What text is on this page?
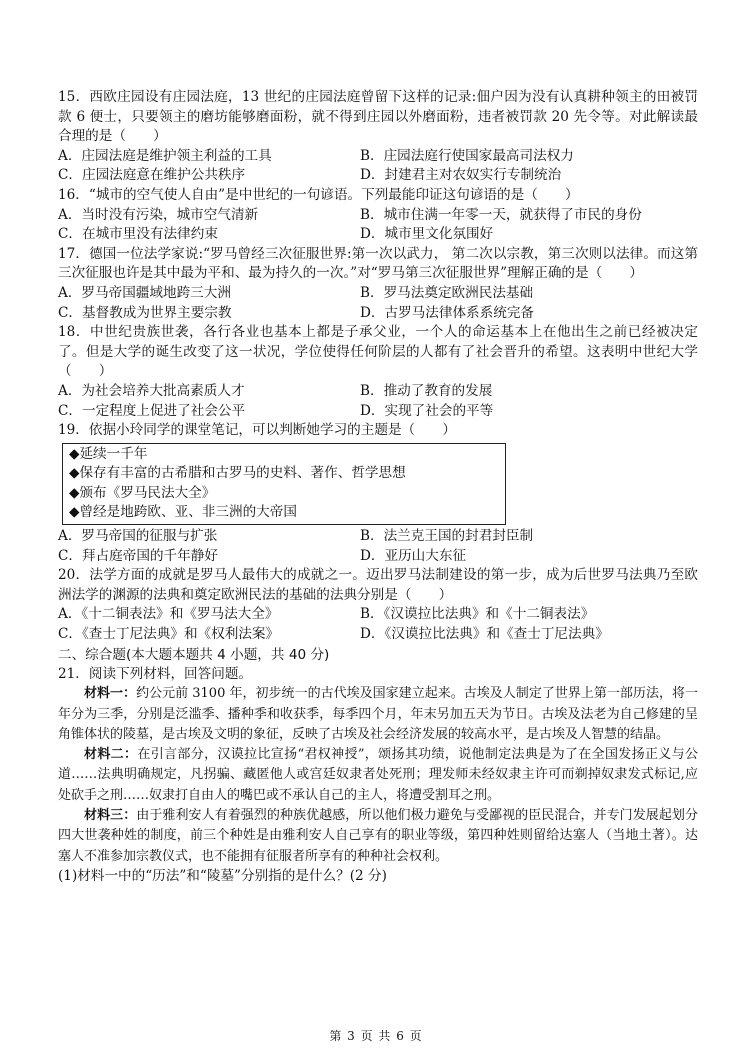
15．西欧庄园设有庄园法庭，13 世纪的庄园法庭曾留下这样的记录:佃户因为没有认真耕种领主的田被罚款 6 便士，只要领主的磨坊能够磨面粉，就不得到庄园以外磨面粉，违者被罚款 20 先令等。对此解读最合理的是（　　）

A．庄园法庭是维护领主利益的工具	B．庄园法庭行使国家最高司法权力
C．庄园法庭意在维护公共秩序	D．封建君主对农奴实行专制统治

16．“城市的空气使人自由”是中世纪的一句谚语。下列最能印证这句谚语的是（　　）

A．当时没有污染，城市空气清新	B．城市住满一年零一天，就获得了市民的身份
C．在城市里没有法律约束	D．城市里文化氛围好

17．德国一位法学家说:“罗马曾经三次征服世界:第一次以武力， 第二次以宗教，第三次则以法律。而这第三次征服也许是其中最为平和、最为持久的一次。”对“罗马第三次征服世界”理解正确的是（　　）

A．罗马帝国疆域地跨三大洲	B．罗马法奠定欧洲民法基础
C．基督教成为世界主要宗教	D．古罗马法律体系系统完备

18．中世纪贵族世袭，各行各业也基本上都是子承父业，一个人的命运基本上在他出生之前已经被决定了。但是大学的诞生改变了这一状况，学位使得任何阶层的人都有了社会晋升的希望。这表明中世纪大学（　　）

A．为社会培养大批高素质人才	B．推动了教育的发展
C．一定程度上促进了社会公平	D．实现了社会的平等

19．依据小玲同学的课堂笔记，可以判断她学习的主题是（　　）

◆延续一千年
◆保存有丰富的古希腊和古罗马的史料、著作、哲学思想
◆颁布《罗马民法大全》
◆曾经是地跨欧、亚、非三洲的大帝国
A．罗马帝国的征服与扩张	B．法兰克王国的封君封臣制
C．拜占庭帝国的千年静好	D．亚历山大东征

20．法学方面的成就是罗马人最伟大的成就之一。迈出罗马法制建设的第一步，成为后世罗马法典乃至欧洲法学的渊源的法典和奠定欧洲民法的基础的法典分别是（　　）

A．《十二铜表法》和《罗马法大全》	B．《汉谟拉比法典》和《十二铜表法》
C．《查士丁尼法典》和《权利法案》	D．《汉谟拉比法典》和《查士丁尼法典》
二、综合题(本大题本题共 4 小题，共 40 分)
21．阅读下列材料，回答问题。

材料一：约公元前 3100 年，初步统一的古代埃及国家建立起来。古埃及人制定了世界上第一部历法，将一年分为三季，分别是泛滥季、播种季和收获季，每季四个月，年末另加五天为节日。古埃及法老为自己修建的呈角锥体状的陵墓，是古埃及文明的象征，反映了古埃及社会经济发展的较高水平，是古埃及人智慧的结晶。

材料二：在引言部分，汉谟拉比宣扬“君权神授”，颂扬其功绩，说他制定法典是为了在全国发扬正义与公道……法典明确规定，凡拐骗、藏匿他人或宫廷奴隶者处死刑；理发师未经奴隶主许可而剃掉奴隶发式标记,应处砍手之刑……奴隶打自由人的嘴巴或不承认自己的主人，将遭受割耳之刑。

材料三：由于雅利安人有着强烈的种族优越感，所以他们极力避免与受鄙视的臣民混合，并专门发展起划分四大世袭种姓的制度，前三个种姓是由雅利安人自己享有的职业等级，第四种姓则留给达塞人（当地土著）。达塞人不准参加宗教仪式，也不能拥有征服者所享有的种种社会权利。

(1)材料一中的“历法”和“陵墓”分别指的是什么？(2 分)
第 3 页 共 6 页
